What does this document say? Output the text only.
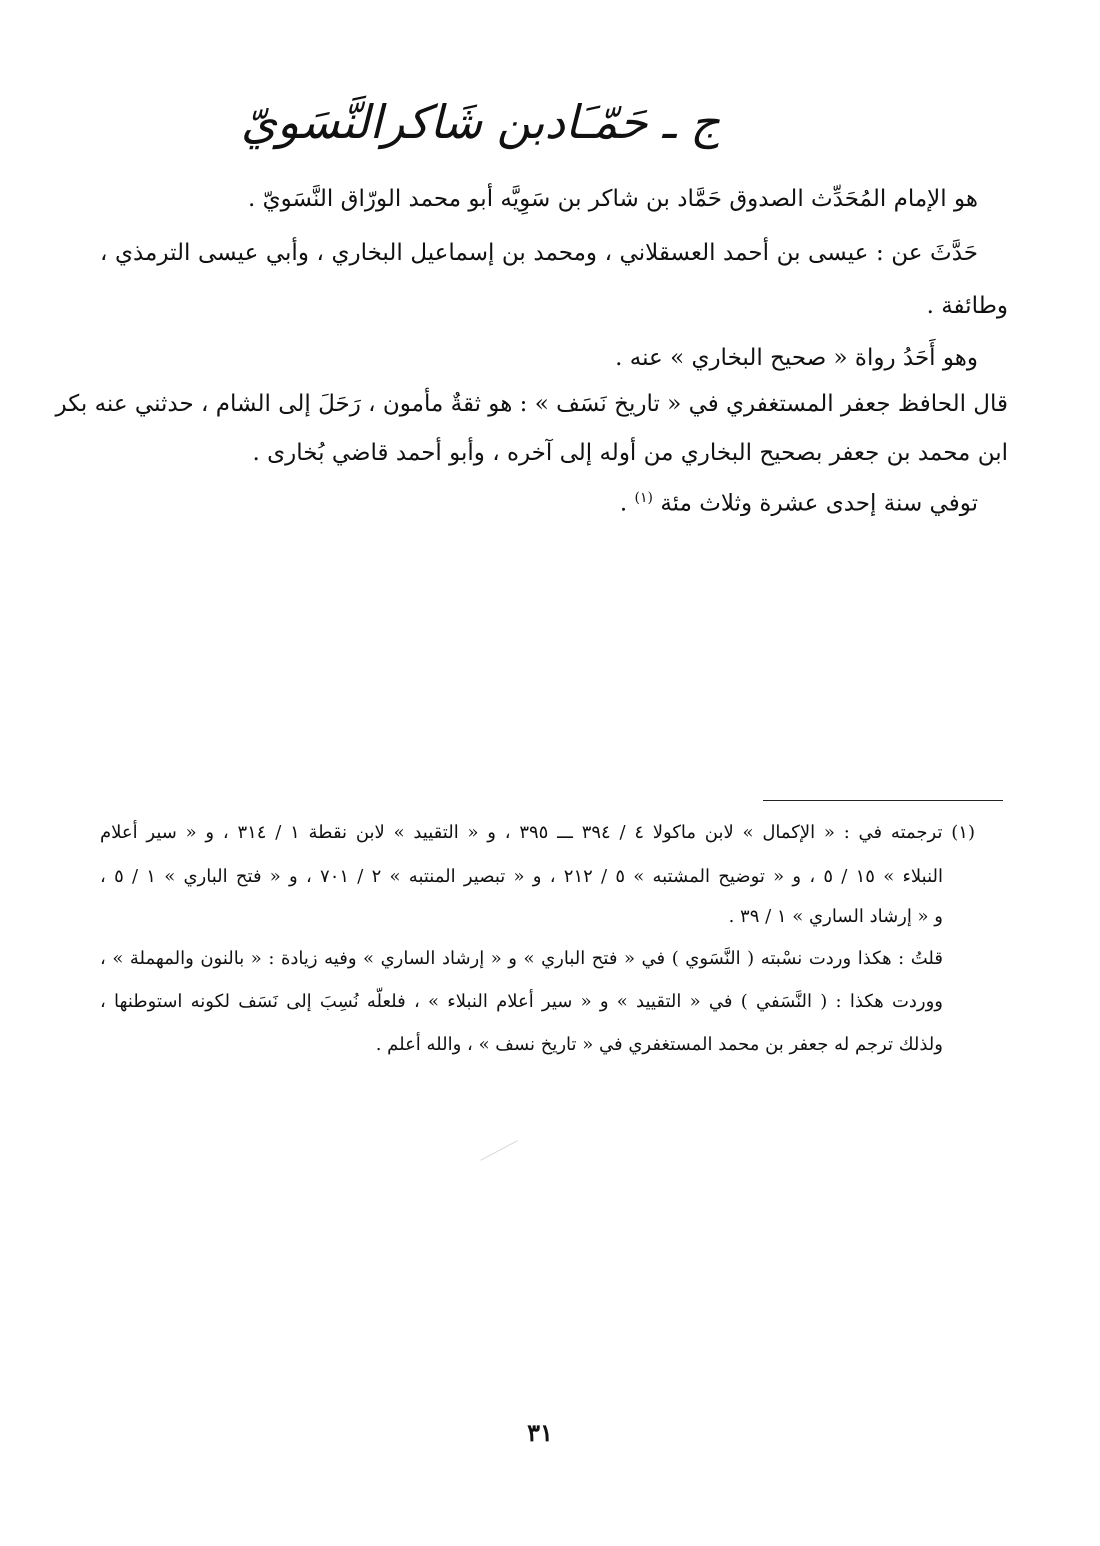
ج ـ حَمّـَادبن شَاكرالنَّسَويّ
هو الإمام المُحَدِّث الصدوق حَمَّاد بن شاكر بن سَوِيَّه أبو محمد الورّاق النَّسَويّ .
حَدَّثَ عن : عيسى بن أحمد العسقلاني ، ومحمد بن إسماعيل البخاري ، وأبي عيسى الترمذي ،
وطائفة .
وهو أَحَدُ رواة « صحيح البخاري » عنه .
قال الحافظ جعفر المستغفري في « تاريخ نَسَف » : هو ثقةٌ مأمون ، رَحَلَ إلى الشام ، حدثني عنه بكر
ابن محمد بن جعفر بصحيح البخاري من أوله إلى آخره ، وأبو أحمد قاضي بُخارى .
توفي سنة إحدى عشرة وثلاث مئة $^{(١)}$ .
(١) ترجمته في : « الإكمال » لابن ماكولا ٤ / ٣٩٤ ـــ ٣٩٥ ، و « التقييد » لابن نقطة ١ / ٣١٤ ، و « سير أعلام
النبلاء » ١٥ / ٥ ، و « توضيح المشتبه » ٥ / ٢١٢ ، و « تبصير المنتبه » ٢ / ٧٠١ ، و « فتح الباري » ١ / ٥ ،
و « إرشاد الساري » ١ / ٣٩ .
قلتُ : هكذا وردت نسْبته ( النَّسَوي ) في « فتح الباري » و « إرشاد الساري » وفيه زيادة : « بالنون والمهملة » ،
ووردت هكذا : ( النَّسَفي ) في « التقييد » و « سير أعلام النبلاء » ، فلعلّه نُسِبَ إلى نَسَف لكونه استوطنها ،
ولذلك ترجم له جعفر بن محمد المستغفري في « تاريخ نسف » ، والله أعلم .
٣١
